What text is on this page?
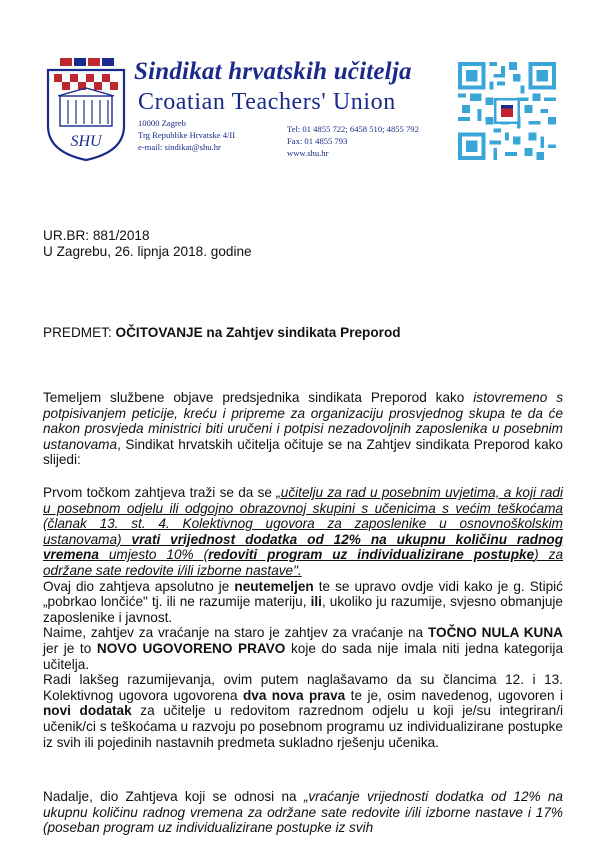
SHU
Sindikat hrvatskih učitelja
Croatian Teachers' Union
10000 Zagreb
Trg Republike Hrvatske 4/II
e-mail: sindikat@shu.hr
Tel: 01 4855 722; 6458 510; 4855 792
Fax: 01 4855 793
www.shu.hr
UR.BR: 881/2018
U Zagrebu, 26. lipnja 2018. godine
PREDMET: OČITOVANJE na Zahtjev sindikata Preporod
Temeljem službene objave predsjednika sindikata Preporod kako istovremeno s potpisivanjem peticije, kreću i pripreme za organizaciju prosvjednog skupa te da će nakon prosvjeda ministrici biti uručeni i potpisi nezadovoljnih zaposlenika u posebnim ustanovama, Sindikat hrvatskih učitelja očituje se na Zahtjev sindikata Preporod kako slijedi:
Prvom točkom zahtjeva traži se da se „učitelju za rad u posebnim uvjetima, a koji radi u posebnom odjelu ili odgojno obrazovnoj skupini s učenicima s većim teškoćama (članak 13. st. 4. Kolektivnog ugovora za zaposlenike u osnovnoškolskim ustanovama) vrati vrijednost dodatka od 12% na ukupnu količinu radnog vremena umjesto 10% (redoviti program uz individualizirane postupke) za održane sate redovite i/ili izborne nastave".
Ovaj dio zahtjeva apsolutno je neutemeljen te se upravo ovdje vidi kako je g. Stipić „pobrkao lončiće" tj. ili ne razumije materiju, ili, ukoliko ju razumije, svjesno obmanjuje zaposlenike i javnost.
Naime, zahtjev za vraćanje na staro je zahtjev za vraćanje na TOČNO NULA KUNA jer je to NOVO UGOVORENO PRAVO koje do sada nije imala niti jedna kategorija učitelja.
Radi lakšeg razumijevanja, ovim putem naglašavamo da su člancima 12. i 13. Kolektivnog ugovora ugovorena dva nova prava te je, osim navedenog, ugovoren i novi dodatak za učitelje u redovitom razrednom odjelu u koji je/su integriran/i učenik/ci s teškoćama u razvoju po posebnom programu uz individualizirane postupke iz svih ili pojedinih nastavnih predmeta sukladno rješenju učenika.
Nadalje, dio Zahtjeva koji se odnosi na „vraćanje vrijednosti dodatka od 12% na ukupnu količinu radnog vremena za održane sate redovite i/ili izborne nastave i 17% (poseban program uz individualizirane postupke iz svih
